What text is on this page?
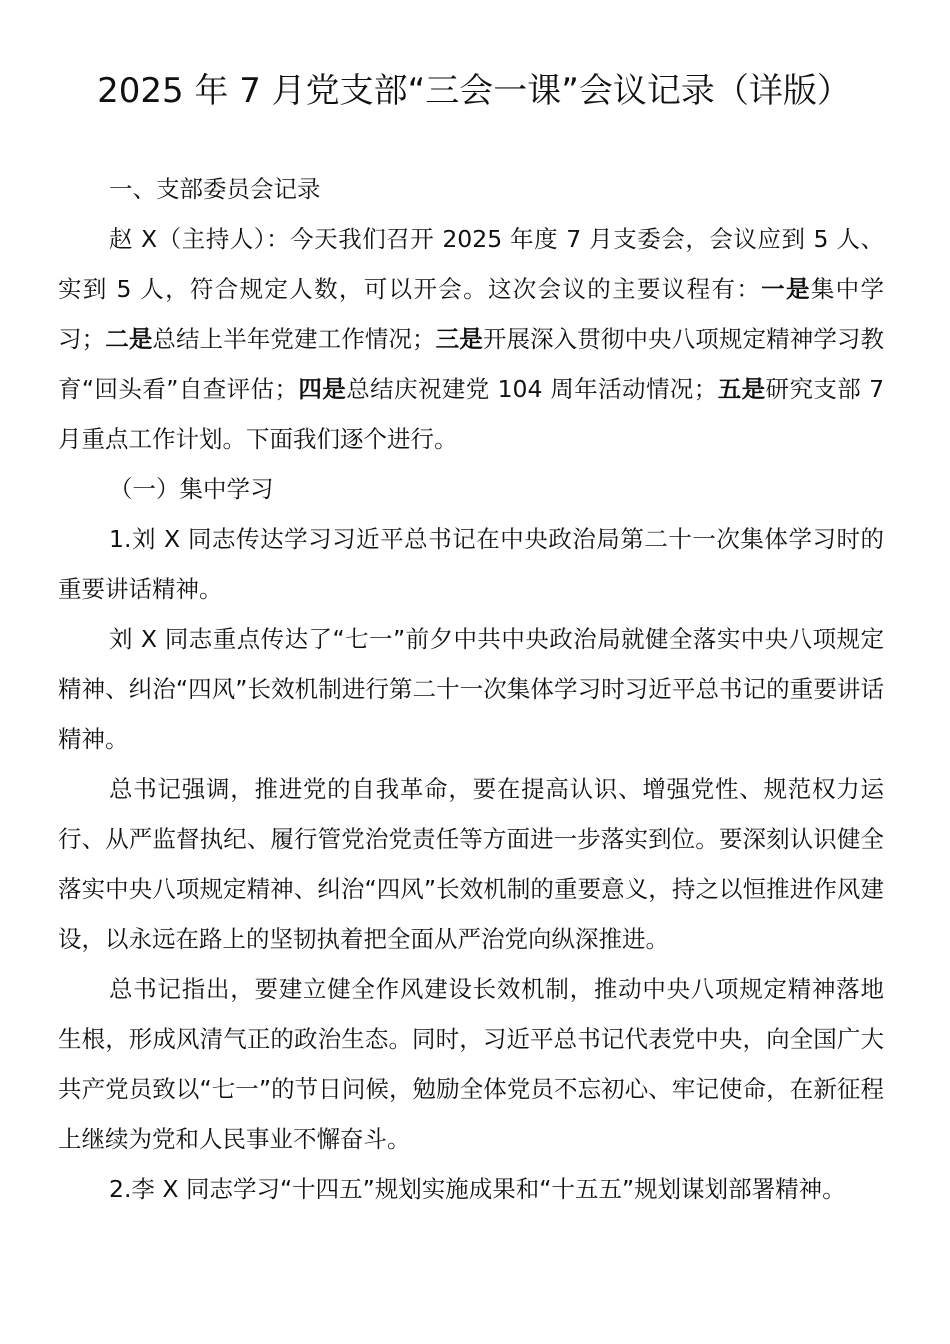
2025 年 7 月党支部“三会一课”会议记录（详版）

一、支部委员会记录

赵 X（主持人）：今天我们召开 2025 年度 7 月支委会，会议应到 5 人、实到 5 人，符合规定人数，可以开会。这次会议的主要议程有：一是集中学习；二是总结上半年党建工作情况；三是开展深入贯彻中央八项规定精神学习教育“回头看”自查评估；四是总结庆祝建党 104 周年活动情况；五是研究支部 7 月重点工作计划。下面我们逐个进行。

（一）集中学习

1.刘 X 同志传达学习习近平总书记在中央政治局第二十一次集体学习时的重要讲话精神。

刘 X 同志重点传达了“七一”前夕中共中央政治局就健全落实中央八项规定精神、纠治“四风”长效机制进行第二十一次集体学习时习近平总书记的重要讲话精神。

总书记强调，推进党的自我革命，要在提高认识、增强党性、规范权力运行、从严监督执纪、履行管党治党责任等方面进一步落实到位。要深刻认识健全落实中央八项规定精神、纠治“四风”长效机制的重要意义，持之以恒推进作风建设，以永远在路上的坚韧执着把全面从严治党向纵深推进。

总书记指出，要建立健全作风建设长效机制，推动中央八项规定精神落地生根，形成风清气正的政治生态。同时，习近平总书记代表党中央，向全国广大共产党员致以“七一”的节日问候，勉励全体党员不忘初心、牢记使命，在新征程上继续为党和人民事业不懈奋斗。

2.李 X 同志学习“十四五”规划实施成果和“十五五”规划谋划部署精神。
